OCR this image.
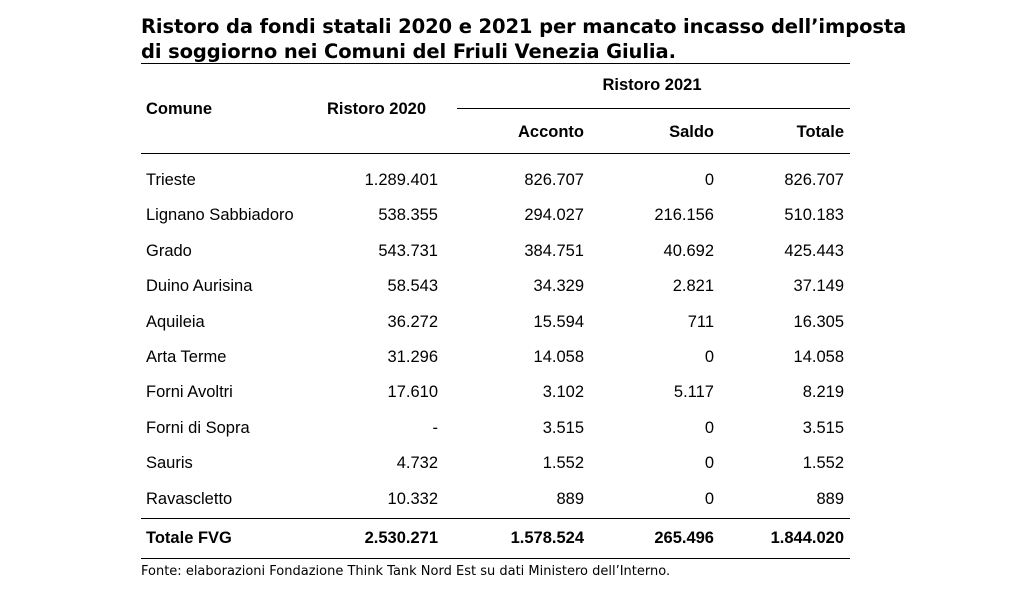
Ristoro da fondi statali 2020 e 2021 per mancato incasso dell’imposta
di soggiorno nei Comuni del Friuli Venezia Giulia.
Comune	Ristoro 2020
Ristoro 2021
Acconto	Saldo	Totale
Trieste	1.289.401	826.707	0	826.707
Lignano Sabbiadoro	538.355	294.027	216.156	510.183
Grado	543.731	384.751	40.692	425.443
Duino Aurisina	58.543	34.329	2.821	37.149
Aquileia	36.272	15.594	711	16.305
Arta Terme	31.296	14.058	0	14.058
Forni Avoltri	17.610	3.102	5.117	8.219
Forni di Sopra	-	3.515	0	3.515
Sauris	4.732	1.552	0	1.552
Ravascletto	10.332	889	0	889
Totale FVG	2.530.271	1.578.524	265.496	1.844.020
Fonte: elaborazioni Fondazione Think Tank Nord Est su dati Ministero dell’Interno.
